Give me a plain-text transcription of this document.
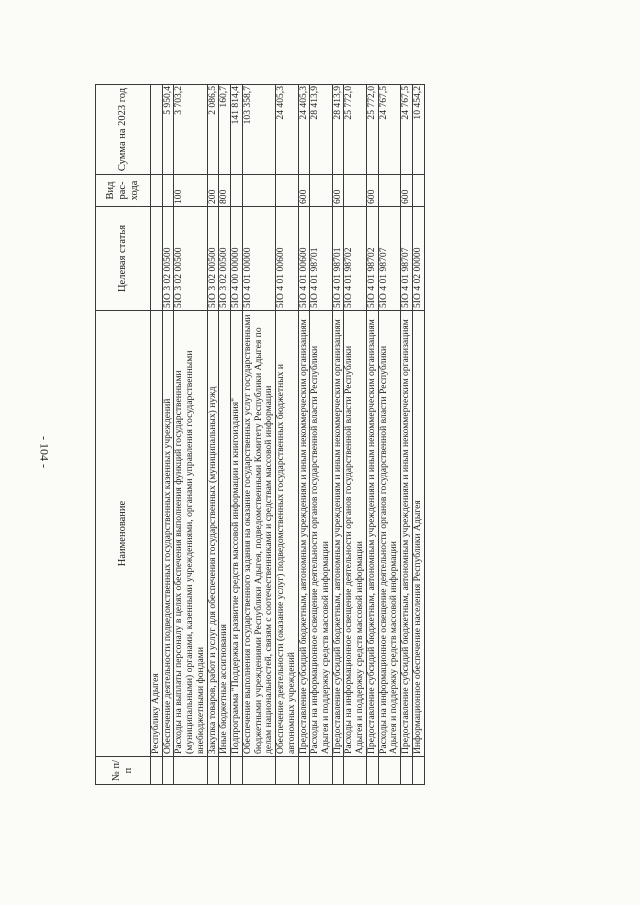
- 104 -
№ п/п	Наименование	Целевая статья	Вид рас- хода	Сумма на 2023 год
	Республику Адыгея			
	Обеспечение деятельности подведомственных государственных казенных учреждений	5IO 3 02 00500		5 950,4
	Расходы на выплаты персоналу в целях обеспечения выполнения функций государственными (муниципальными) органами, казенными учреждениями, органами управления государственными внебюджетными фондами	5IO 3 02 00500	100	3 703,2
	Закупка товаров, работ и услуг для обеспечения государственных (муниципальных) нужд	5IO 3 02 00500	200	2 086,5
	Иные бюджетные ассигнования	5IO 3 02 00500	800	160,7
	Подпрограмма "Поддержка и развитие средств массовой информации и книгоиздания"	5IO 4 00 00000		141 814,4
	Обеспечение выполнения государственного задания на оказание государственных услуг государственными бюджетными учреждениями Республики Адыгея, подведомственными Комитету Республики Адыгея по делам национальностей, связям с соотечественниками и средствам массовой информации	5IO 4 01 00000		103 358,7
	Обеспечение деятельности (оказание услуг) подведомственных государственных бюджетных и автономных учреждений	5IO 4 01 00600		24 405,3
	Предоставление субсидий бюджетным, автономным учреждениям и иным некоммерческим организациям	5IO 4 01 00600	600	24 405,3
	Расходы на информационное освещение деятельности органов государственной власти Республики Адыгея и поддержку средств массовой информации	5IO 4 01 98701		28 413,9
	Предоставление субсидий бюджетным, автономным учреждениям и иным некоммерческим организациям	5IO 4 01 98701	600	28 413,9
	Расходы на информационное освещение деятельности органов государственной власти Республики Адыгея и поддержку средств массовой информации	5IO 4 01 98702		25 772,0
	Предоставление субсидий бюджетным, автономным учреждениям и иным некоммерческим организациям	5IO 4 01 98702	600	25 772,0
	Расходы на информационное освещение деятельности органов государственной власти Республики Адыгея и поддержку средств массовой информации	5IO 4 01 98707		24 767,5
	Предоставление субсидий бюджетным, автономным учреждениям и иным некоммерческим организациям	5IO 4 01 98707	600	24 767,5
	Информационное обеспечение населения Республики Адыгея	5IO 4 02 00000		10 454,2
